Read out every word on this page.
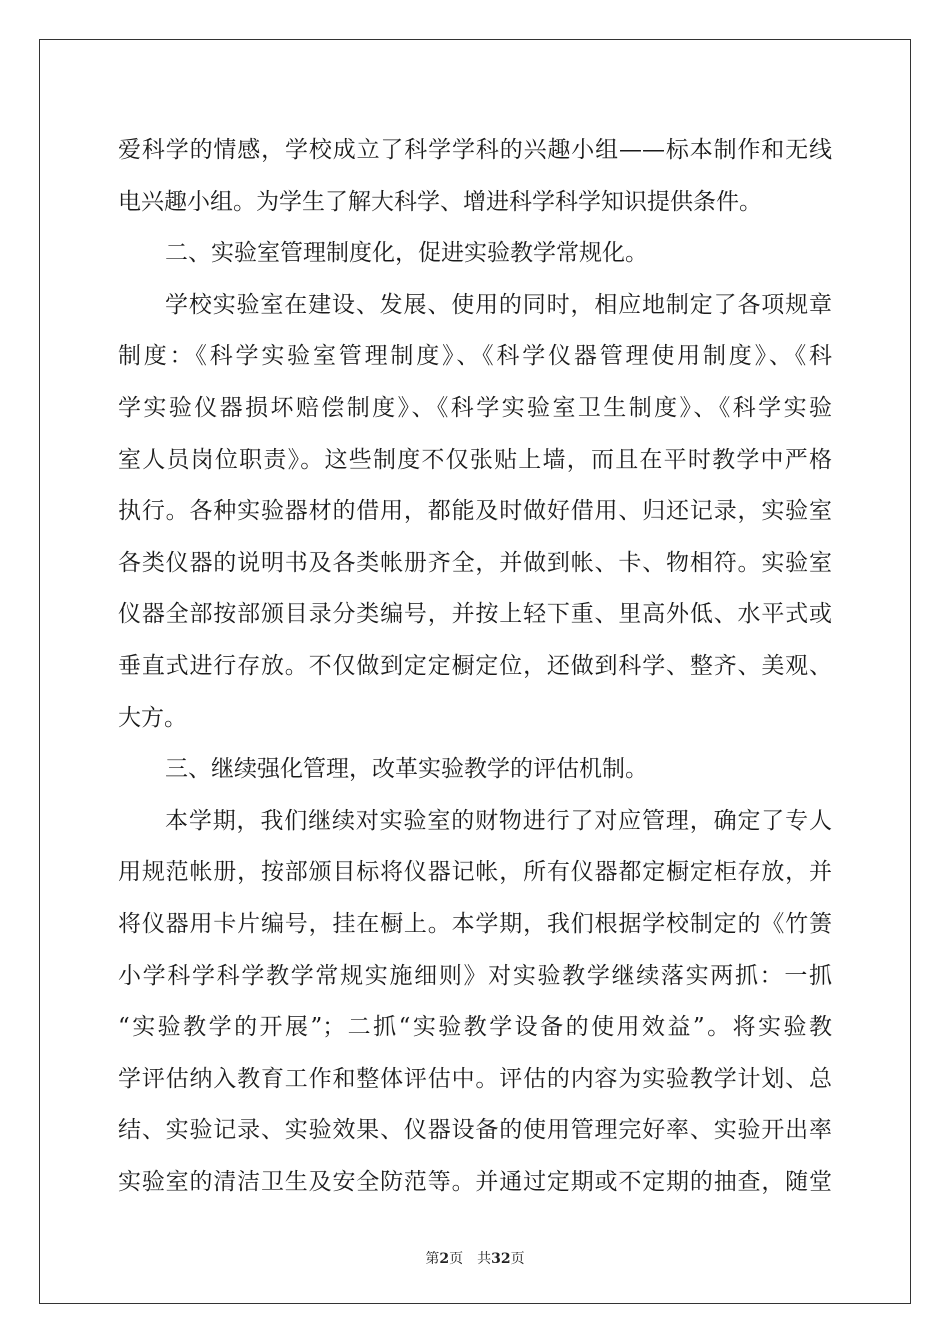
爱科学的情感，学校成立了科学学科的兴趣小组——标本制作和无线
电兴趣小组。为学生了解大科学、增进科学科学知识提供条件。
二、实验室管理制度化，促进实验教学常规化。
学校实验室在建设、发展、使用的同时，相应地制定了各项规章
制度：《科学实验室管理制度》、《科学仪器管理使用制度》、《科
学实验仪器损坏赔偿制度》、《科学实验室卫生制度》、《科学实验
室人员岗位职责》。这些制度不仅张贴上墙，而且在平时教学中严格
执行。各种实验器材的借用，都能及时做好借用、归还记录，实验室
各类仪器的说明书及各类帐册齐全，并做到帐、卡、物相符。实验室
仪器全部按部颁目录分类编号，并按上轻下重、里高外低、水平式或
垂直式进行存放。不仅做到定定橱定位，还做到科学、整齐、美观、
大方。
三、继续强化管理，改革实验教学的评估机制。
本学期，我们继续对实验室的财物进行了对应管理，确定了专人
用规范帐册，按部颁目标将仪器记帐，所有仪器都定橱定柜存放，并
将仪器用卡片编号，挂在橱上。本学期，我们根据学校制定的《竹箦
小学科学科学教学常规实施细则》对实验教学继续落实两抓：一抓
“实验教学的开展”；二抓“实验教学设备的使用效益”。将实验教
学评估纳入教育工作和整体评估中。评估的内容为实验教学计划、总
结、实验记录、实验效果、仪器设备的使用管理完好率、实验开出率
实验室的清洁卫生及安全防范等。并通过定期或不定期的抽查，随堂
第2页　共32页
